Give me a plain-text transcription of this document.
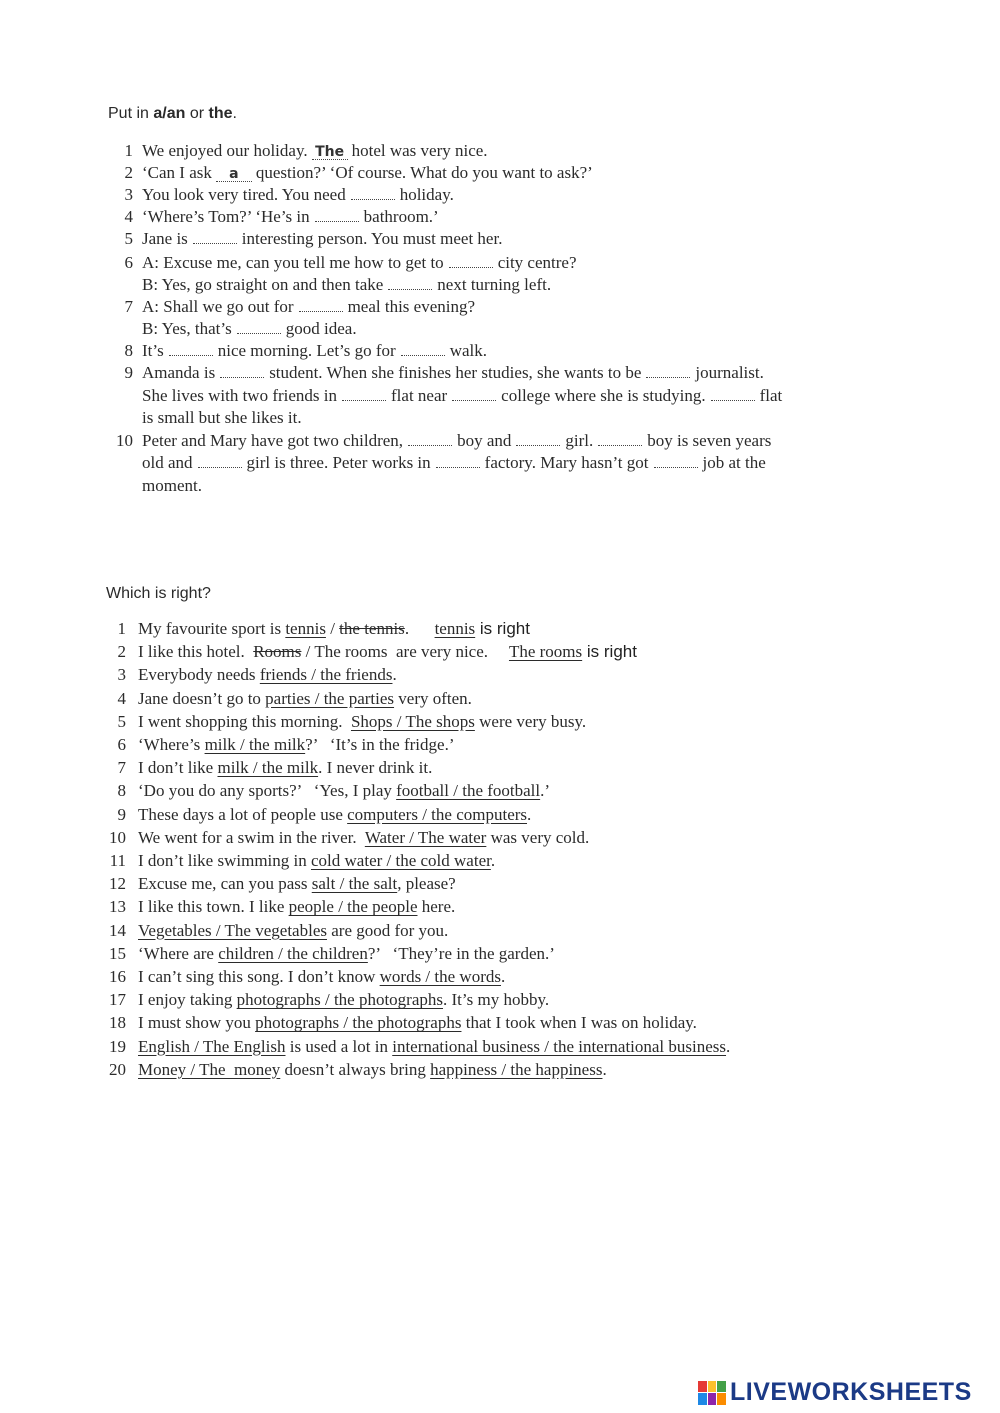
Put in a/an or the.
1 We enjoyed our holiday. The hotel was very nice.
2 ‘Can I ask a question?’ ‘Of course. What do you want to ask?’
3 You look very tired. You need	holiday.
4 ‘Where’s Tom?’ ‘He’s in	bathroom.’
5 Jane is	interesting person. You must meet her.
6 A: Excuse me, can you tell me how to get to	city centre?
B: Yes, go straight on and then take	next turning left.
7 A: Shall we go out for	meal this evening?
B: Yes, that’s	good idea.
8 It’s	nice morning. Let’s go for	walk.
9 Amanda is	student. When she finishes her studies, she wants to be	journalist.
She lives with two friends in	flat near	college where she is studying.	flat
is small but she likes it.
10 Peter and Mary have got two children,	boy and	girl.	boy is seven years
old and	girl is three. Peter works in	factory. Mary hasn’t got	job at the
moment.
Which is right?
1 My favourite sport is tennis / the tennis.      tennis is right
2 I like this hotel.  Rooms / The rooms  are very nice.     The rooms is right
3 Everybody needs friends / the friends.
4 Jane doesn’t go to parties / the parties very often.
5 I went shopping this morning.  Shops / The shops were very busy.
6 ‘Where’s milk / the milk?’   ‘It’s in the fridge.’
7 I don’t like milk / the milk. I never drink it.
8 ‘Do you do any sports?’   ‘Yes, I play football / the football.’
9 These days a lot of people use computers / the computers.
10 We went for a swim in the river.  Water / The water was very cold.
11 I don’t like swimming in cold water / the cold water.
12 Excuse me, can you pass salt / the salt, please?
13 I like this town. I like people / the people here.
14 Vegetables / The vegetables are good for you.
15 ‘Where are children / the children?’   ‘They’re in the garden.’
16 I can’t sing this song. I don’t know words / the words.
17 I enjoy taking photographs / the photographs. It’s my hobby.
18 I must show you photographs / the photographs that I took when I was on holiday.
19 English / The English is used a lot in international business / the international business.
20 Money / The  money doesn’t always bring happiness / the happiness.
LIVEWORKSHEETS
